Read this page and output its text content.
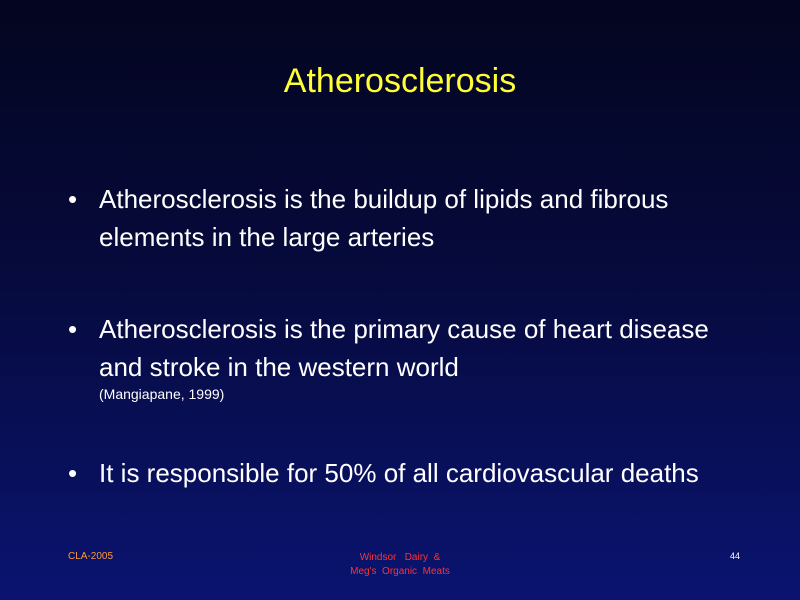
Atherosclerosis
• Atherosclerosis is the buildup of lipids and fibrous elements in the large arteries
• Atherosclerosis is the primary cause of heart disease and stroke in the western world
(Mangiapane, 1999)
• It is responsible for 50% of all cardiovascular deaths
CLA-2005	Windsor   Dairy  &
Meg's  Organic  Meats
44
